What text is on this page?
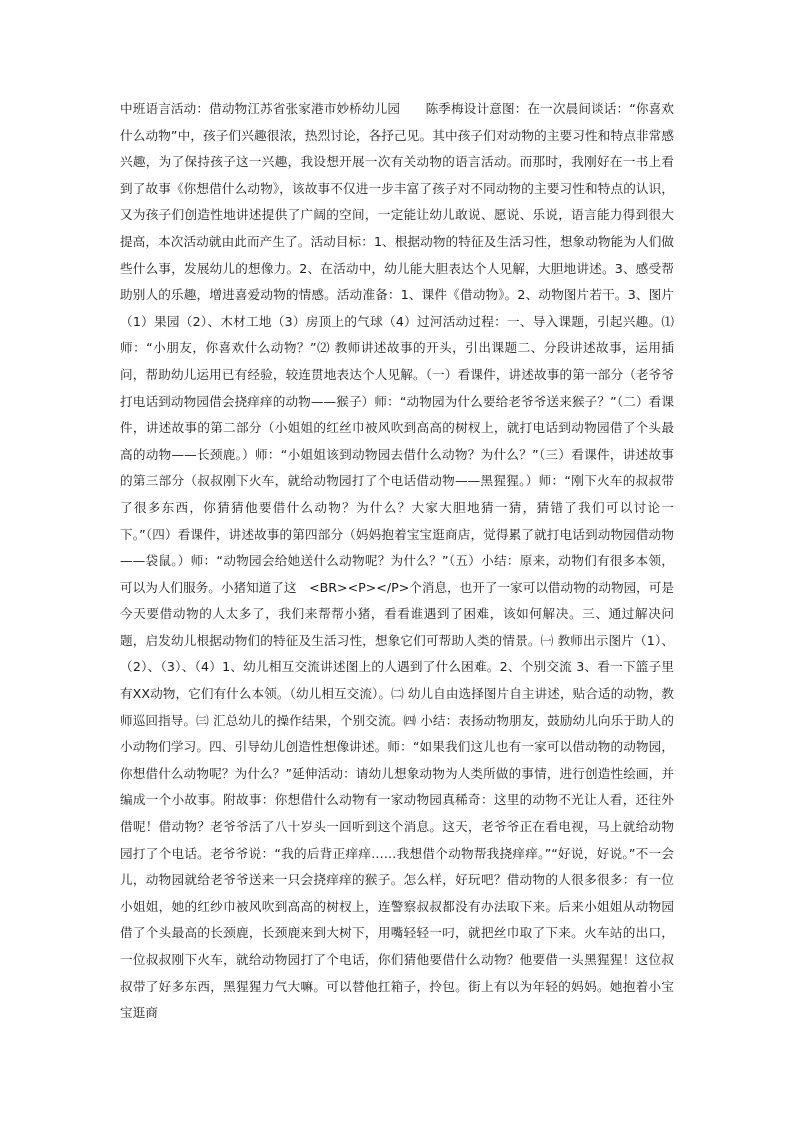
中班语言活动：借动物江苏省张家港市妙桥幼儿园　　陈季梅设计意图：在一次晨间谈话：“你喜欢什么动物”中，孩子们兴趣很浓，热烈讨论，各抒己见。其中孩子们对动物的主要习性和特点非常感兴趣，为了保持孩子这一兴趣，我设想开展一次有关动物的语言活动。而那时，我刚好在一书上看到了故事《你想借什么动物》，该故事不仅进一步丰富了孩子对不同动物的主要习性和特点的认识，又为孩子们创造性地讲述提供了广阔的空间，一定能让幼儿敢说、愿说、乐说，语言能力得到很大提高，本次活动就由此而产生了。活动目标：1、根据动物的特征及生活习性，想象动物能为人们做些什么事，发展幼儿的想像力。2、在活动中，幼儿能大胆表达个人见解，大胆地讲述。3、感受帮助别人的乐趣，增进喜爱动物的情感。活动准备：1、课件《借动物》。2、动物图片若干。3、图片（1）果园（2）、木材工地（3）房顶上的气球（4）过河活动过程：一、导入课题，引起兴趣。⑴ 师：“小朋友，你喜欢什么动物？”⑵ 教师讲述故事的开头，引出课题二、分段讲述故事，运用插问，帮助幼儿运用已有经验，较连贯地表达个人见解。（一）看课件，讲述故事的第一部分（老爷爷打电话到动物园借会挠痒痒的动物——猴子）师：“动物园为什么要给老爷爷送来猴子？”（二）看课件，讲述故事的第二部分（小姐姐的红丝巾被风吹到高高的树杈上，就打电话到动物园借了个头最高的动物——长颈鹿。）师：“小姐姐该到动物园去借什么动物？为什么？”（三）看课件，讲述故事的第三部分（叔叔刚下火车，就给动物园打了个电话借动物——黑猩猩。）师：“刚下火车的叔叔带了很多东西，你猜猜他要借什么动物？为什么？大家大胆地猜一猜，猜错了我们可以讨论一下。”（四）看课件，讲述故事的第四部分（妈妈抱着宝宝逛商店，觉得累了就打电话到动物园借动物——袋鼠。）师：“动物园会给她送什么动物呢？为什么？”（五）小结：原来，动物们有很多本领，可以为人们服务。小猪知道了这　<BR><P></P>个消息，也开了一家可以借动物的动物园，可是今天要借动物的人太多了，我们来帮帮小猪，看看谁遇到了困难，该如何解决。三、通过解决问题，启发幼儿根据动物们的特征及生活习性，想象它们可帮助人类的情景。㈠ 教师出示图片（1）、（2）、（3）、（4）1、幼儿相互交流讲述图上的人遇到了什么困难。2、个别交流 3、看一下篮子里有ⅩⅩ动物，它们有什么本领。（幼儿相互交流）。㈡ 幼儿自由选择图片自主讲述，贴合适的动物，教师巡回指导。㈢ 汇总幼儿的操作结果，个别交流。㈣ 小结：表扬动物朋友，鼓励幼儿向乐于助人的小动物们学习。四、引导幼儿创造性想像讲述。师：“如果我们这儿也有一家可以借动物的动物园，你想借什么动物呢？为什么？”延伸活动：请幼儿想象动物为人类所做的事情，进行创造性绘画，并编成一个小故事。附故事：你想借什么动物有一家动物园真稀奇：这里的动物不光让人看，还往外借呢！借动物？老爷爷活了八十岁头一回听到这个消息。这天，老爷爷正在看电视，马上就给动物园打了个电话。老爷爷说：“我的后背正痒痒……我想借个动物帮我挠痒痒。”“好说，好说。”不一会儿，动物园就给老爷爷送来一只会挠痒痒的猴子。怎么样，好玩吧？借动物的人很多很多：有一位小姐姐，她的红纱巾被风吹到高高的树杈上，连警察叔叔都没有办法取下来。后来小姐姐从动物园借了个头最高的长颈鹿，长颈鹿来到大树下，用嘴轻轻一叼，就把丝巾取了下来。火车站的出口，一位叔叔刚下火车，就给动物园打了个电话，你们猜他要借什么动物？他要借一头黑猩猩！这位叔叔带了好多东西，黑猩猩力气大嘛。可以替他扛箱子，拎包。街上有以为年轻的妈妈。她抱着小宝宝逛商
